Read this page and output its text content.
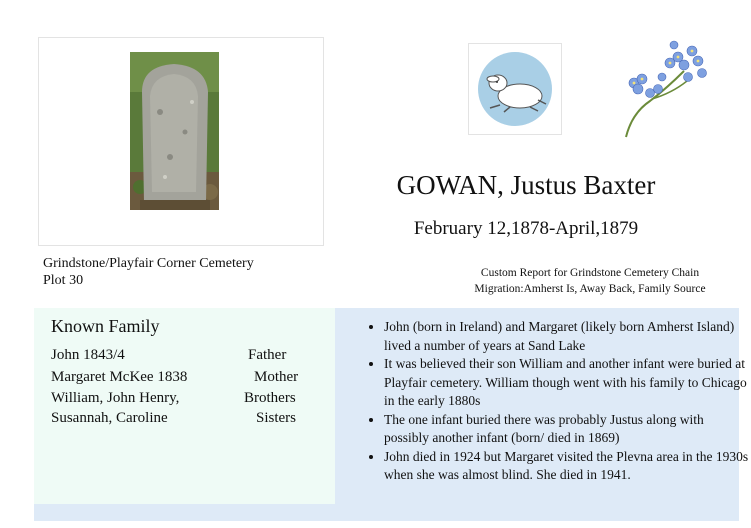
GOWAN, Justus Baxter
February 12,1878-April,1879
Grindstone/Playfair Corner Cemetery
Plot 30	Custom Report for Grindstone Cemetery Chain
Migration:Amherst Is, Away Back, Family Source
Known Family
John 1843/4	Father
Margaret McKee 1838	Mother
William, John Henry,	Brothers
Susannah, Caroline	Sisters
• John (born in Ireland) and Margaret (likely born Amherst Island) lived a number of years at Sand Lake
• It was believed their son William and another infant were buried at Playfair cemetery. William though went with his family to Chicago in the early 1880s
• The one infant buried there was probably Justus along with possibly another infant (born/ died in 1869)
• John died in 1924 but Margaret visited the Plevna area in the 1930s when she was almost blind. She died in 1941.
